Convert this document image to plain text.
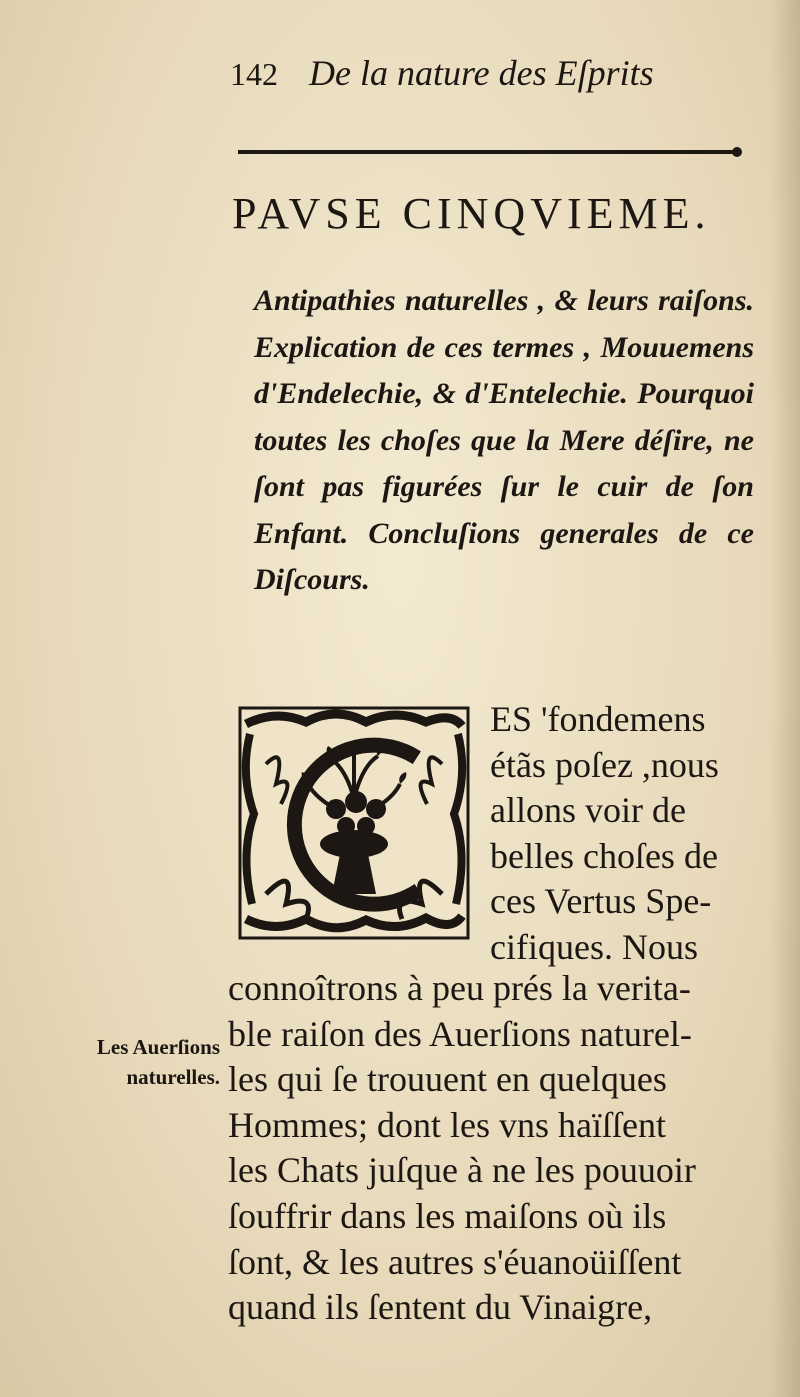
142 De la nature des Eſprits
PAVSE CINQVIEME.
Antipathies naturelles , & leurs raiſons. Explication de ces termes , Mouuemens d'Endelechie, & d'Entelechie. Pourquoi toutes les choſes que la Mere déſire, ne ſont pas figurées ſur le cuir de ſon Enfant. Concluſions generales de ce Diſcours.
ES 'fondemens
étãs poſez ,nous
allons voir de
belles choſes de
ces Vertus Spe-
cifiques. Nous
connoîtrons à peu prés la verita-
ble raiſon des Auerſions naturel-
les qui ſe trouuent en quelques
Hommes; dont les vns haïſſent
les Chats juſque à ne les pouuoir
ſouffrir dans les maiſons où ils
ſont, & les autres s'éuanoüiſſent
quand ils ſentent du Vinaigre,
Les Auerſions
naturelles.
